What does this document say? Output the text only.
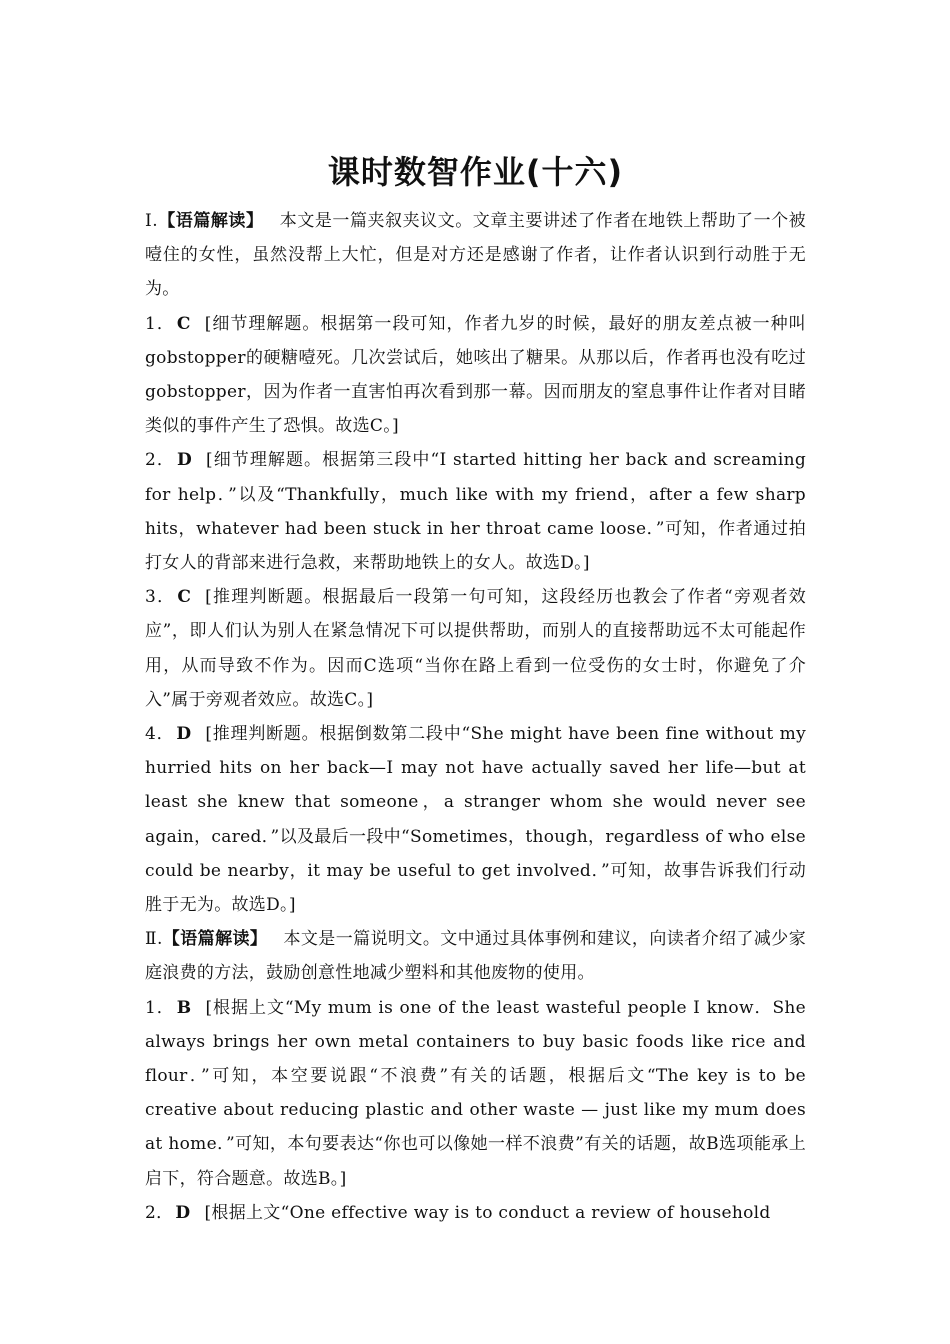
课时数智作业(十六)

Ⅰ.【语篇解读】 本文是一篇夹叙夹议文。文章主要讲述了作者在地铁上帮助了一个被噎住的女性，虽然没帮上大忙，但是对方还是感谢了作者，让作者认识到行动胜于无为。

1． C [细节理解题。根据第一段可知，作者九岁的时候，最好的朋友差点被一种叫gobstopper的硬糖噎死。几次尝试后，她咳出了糖果。从那以后，作者再也没有吃过gobstopper，因为作者一直害怕再次看到那一幕。因而朋友的窒息事件让作者对目睹类似的事件产生了恐惧。故选C。]

2． D [细节理解题。根据第三段中“I started hitting her back and screaming for help．”以及“Thankfully，much like with my friend，after a few sharp hits，whatever had been stuck in her throat came loose．”可知，作者通过拍打女人的背部来进行急救，来帮助地铁上的女人。故选D。]

3． C [推理判断题。根据最后一段第一句可知，这段经历也教会了作者“旁观者效应”，即人们认为别人在紧急情况下可以提供帮助，而别人的直接帮助远不太可能起作用，从而导致不作为。因而C选项“当你在路上看到一位受伤的女士时，你避免了介入”属于旁观者效应。故选C。]

4． D [推理判断题。根据倒数第二段中“She might have been fine without my hurried hits on her back—I may not have actually saved her life—but at least she knew that someone，a stranger whom she would never see again，cared．”以及最后一段中“Sometimes，though，regardless of who else could be nearby，it may be useful to get involved．”可知，故事告诉我们行动胜于无为。故选D。]

Ⅱ.【语篇解读】 本文是一篇说明文。文中通过具体事例和建议，向读者介绍了减少家庭浪费的方法，鼓励创意性地减少塑料和其他废物的使用。

1． B [根据上文“My mum is one of the least wasteful people I know．She always brings her own metal containers to buy basic foods like rice and flour．”可知，本空要说跟“不浪费”有关的话题，根据后文“The key is to be creative about reducing plastic and other waste — just like my mum does at home．”可知，本句要表达“你也可以像她一样不浪费”有关的话题，故B选项能承上启下，符合题意。故选B。]

2． D [根据上文“One effective way is to conduct a review of household
